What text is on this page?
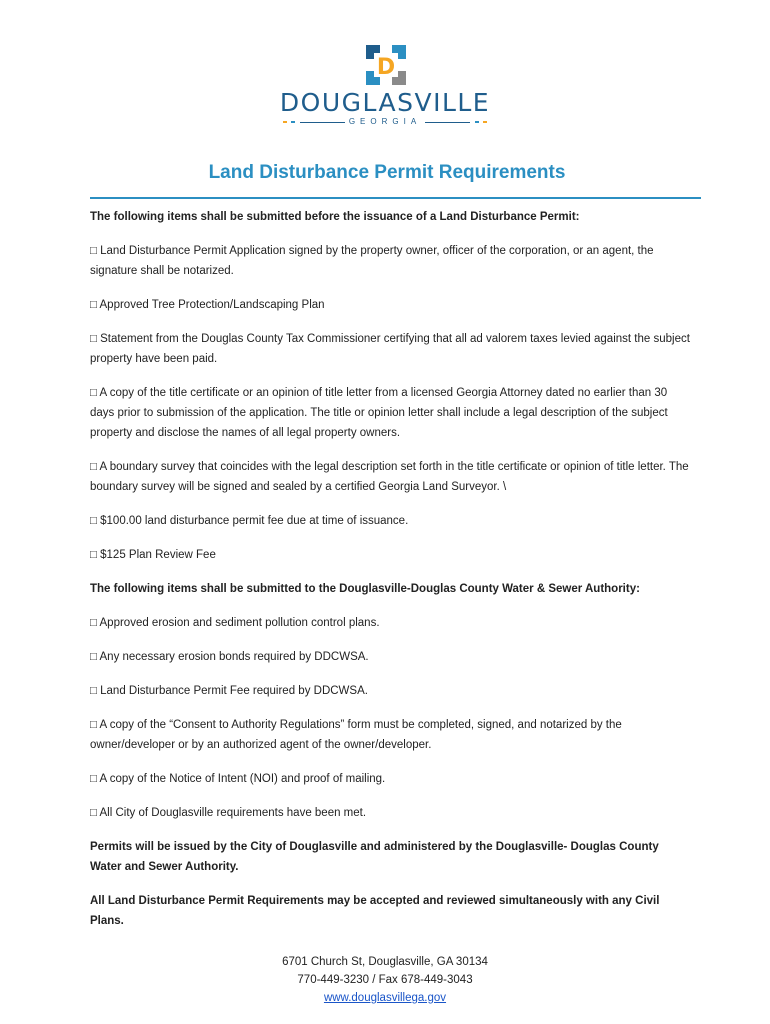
D
DOUGLASVILLE
GEORGIA
Land Disturbance Permit Requirements

The following items shall be submitted before the issuance of a Land Disturbance Permit:

□ Land Disturbance Permit Application signed by the property owner, officer of the corporation, or an agent, the signature shall be notarized.

□ Approved Tree Protection/Landscaping Plan

□ Statement from the Douglas County Tax Commissioner certifying that all ad valorem taxes levied against the subject property have been paid.

□ A copy of the title certificate or an opinion of title letter from a licensed Georgia Attorney dated no earlier than 30 days prior to submission of the application. The title or opinion letter shall include a legal description of the subject property and disclose the names of all legal property owners.

□ A boundary survey that coincides with the legal description set forth in the title certificate or opinion of title letter. The boundary survey will be signed and sealed by a certified Georgia Land Surveyor. \

□ $100.00 land disturbance permit fee due at time of issuance.

□ $125 Plan Review Fee

The following items shall be submitted to the Douglasville-Douglas County Water & Sewer Authority:

□ Approved erosion and sediment pollution control plans.

□ Any necessary erosion bonds required by DDCWSA.

□ Land Disturbance Permit Fee required by DDCWSA.

□ A copy of the “Consent to Authority Regulations” form must be completed, signed, and notarized by the owner/developer or by an authorized agent of the owner/developer.

□ A copy of the Notice of Intent (NOI) and proof of mailing.

□ All City of Douglasville requirements have been met.

Permits will be issued by the City of Douglasville and administered by the Douglasville- Douglas County Water and Sewer Authority.

All Land Disturbance Permit Requirements may be accepted and reviewed simultaneously with any Civil Plans.

6701 Church St, Douglasville, GA 30134
770-449-3230 / Fax 678-449-3043
www.douglasvillega.gov
